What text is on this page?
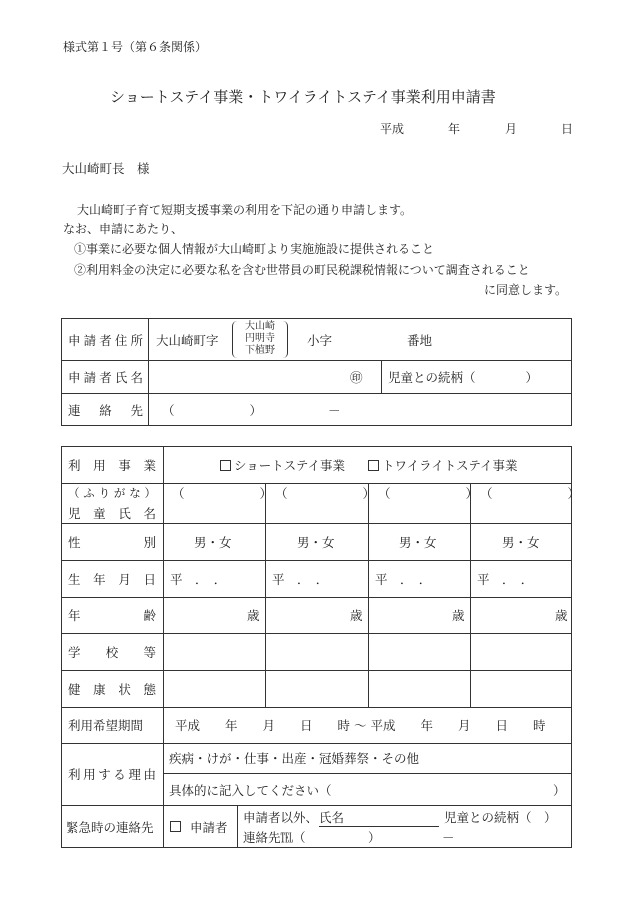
様式第１号（第６条関係）
ショートステイ事業・トワイライトステイ事業利用申請書
平成	年	月	日
大山崎町長　様
大山崎町子育て短期支援事業の利用を下記の通り申請します。
なお、申請にあたり、
①事業に必要な個人情報が大山崎町より実施施設に提供されること
②利用料金の決定に必要な私を含む世帯員の町民税課税情報について調査されること
に同意します。
申 請 者 住 所 大山崎町字
大山崎
円明寺
下植野
小字	番地
申 請 者 氏 名	㊞ 児童との続柄（　　　　）
連 絡 先 （　　　　　　）	－
利 用 事 業	ショートステイ事業	トワイライトステイ事業
（ ふ り が な ）
児 童 氏 名
（　　　　　　） （　　　　　　） （　　　　　　） （　　　　　　）
性	別	男・女	男・女	男・女	男・女
生 年 月 日 平　．　．	平　．　．	平　．　．	平　．　．
年	齢	歳	歳	歳	歳
学 校 等
健 康 状 態
利用希望期間	平成　　年　　月　　日　　時 ～ 平成　　年　　月　　日　　時
利 用 す る 理 由
疾病・けが・仕事・出産・冠婚葬祭・その他
具体的に記入してください（	）
緊急時の連絡先	申請者
申請者以外、 氏名	児童との続柄（　）
連絡先℡（　　　　　）	－
